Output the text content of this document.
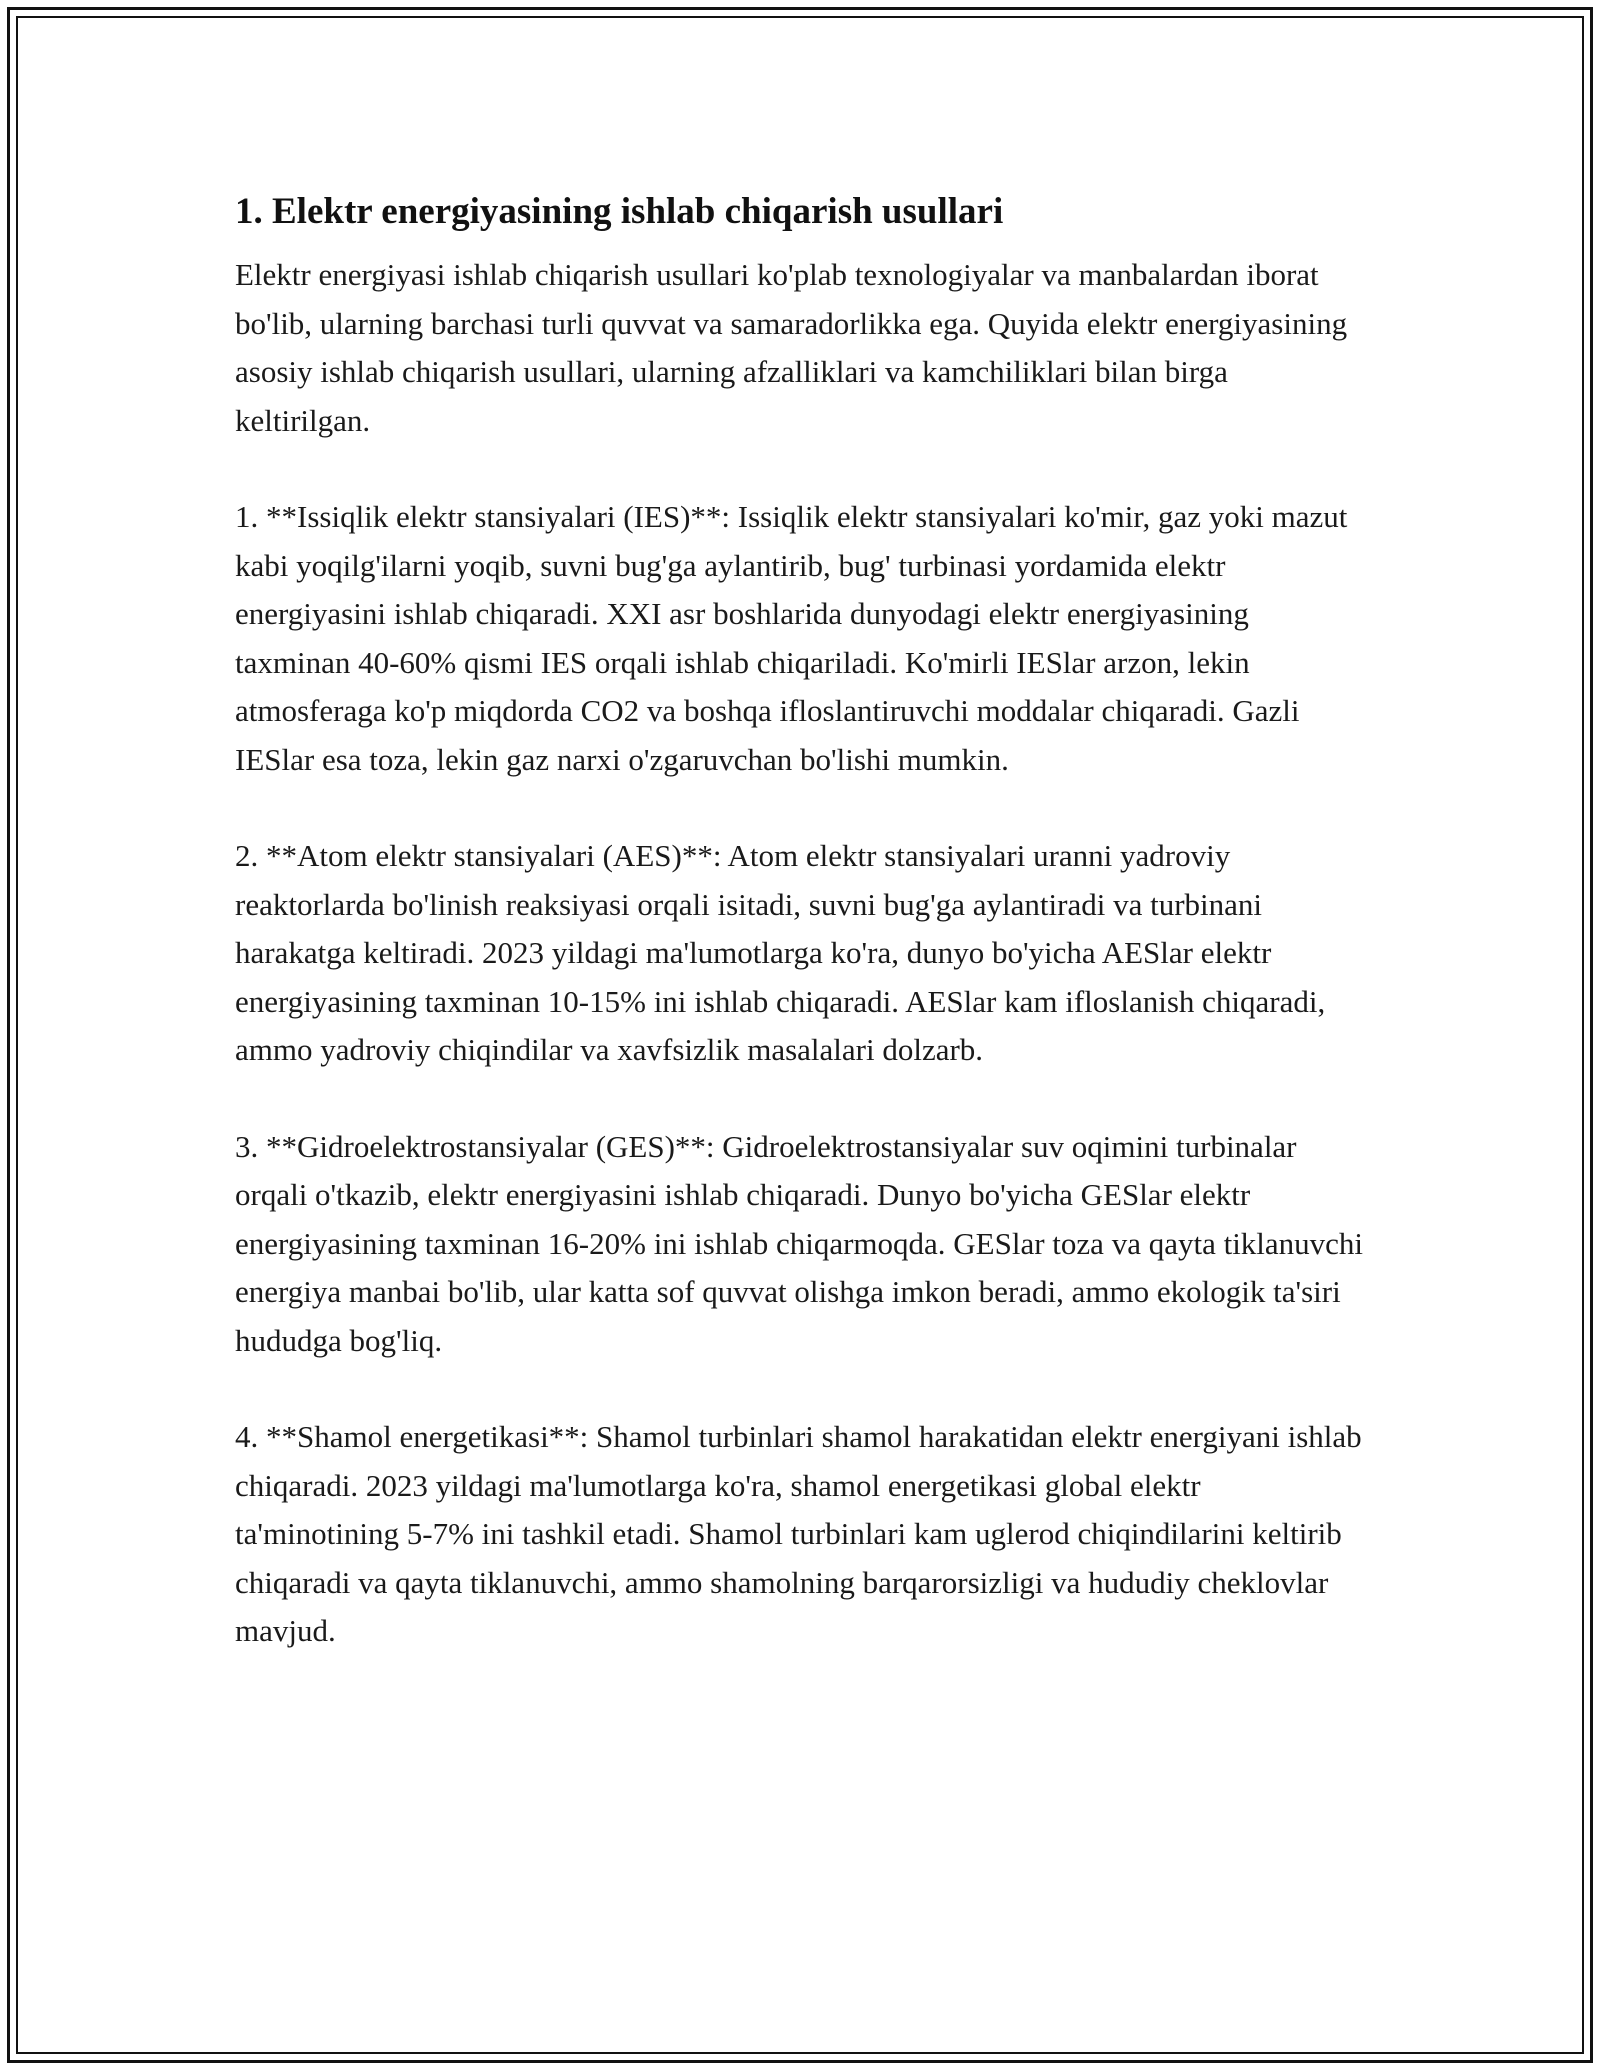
1. Elektr energiyasining ishlab chiqarish usullari

Elektr energiyasi ishlab chiqarish usullari ko'plab texnologiyalar va manbalardan iborat bo'lib, ularning barchasi turli quvvat va samaradorlikka ega. Quyida elektr energiyasining asosiy ishlab chiqarish usullari, ularning afzalliklari va kamchiliklari bilan birga keltirilgan.

1. **Issiqlik elektr stansiyalari (IES)**: Issiqlik elektr stansiyalari ko'mir, gaz yoki mazut kabi yoqilg'ilarni yoqib, suvni bug'ga aylantirib, bug' turbinasi yordamida elektr energiyasini ishlab chiqaradi. XXI asr boshlarida dunyodagi elektr energiyasining taxminan 40-60% qismi IES orqali ishlab chiqariladi. Ko'mirli IESlar arzon, lekin atmosferaga ko'p miqdorda CO2 va boshqa ifloslantiruvchi moddalar chiqaradi. Gazli IESlar esa toza, lekin gaz narxi o'zgaruvchan bo'lishi mumkin.

2. **Atom elektr stansiyalari (AES)**: Atom elektr stansiyalari uranni yadroviy reaktorlarda bo'linish reaksiyasi orqali isitadi, suvni bug'ga aylantiradi va turbinani harakatga keltiradi. 2023 yildagi ma'lumotlarga ko'ra, dunyo bo'yicha AESlar elektr energiyasining taxminan 10-15% ini ishlab chiqaradi. AESlar kam ifloslanish chiqaradi, ammo yadroviy chiqindilar va xavfsizlik masalalari dolzarb.

3. **Gidroelektrostansiyalar (GES)**: Gidroelektrostansiyalar suv oqimini turbinalar orqali o'tkazib, elektr energiyasini ishlab chiqaradi. Dunyo bo'yicha GESlar elektr energiyasining taxminan 16-20% ini ishlab chiqarmoqda. GESlar toza va qayta tiklanuvchi energiya manbai bo'lib, ular katta sof quvvat olishga imkon beradi, ammo ekologik ta'siri hududga bog'liq.

4. **Shamol energetikasi**: Shamol turbinlari shamol harakatidan elektr energiyani ishlab chiqaradi. 2023 yildagi ma'lumotlarga ko'ra, shamol energetikasi global elektr ta'minotining 5-7% ini tashkil etadi. Shamol turbinlari kam uglerod chiqindilarini keltirib chiqaradi va qayta tiklanuvchi, ammo shamolning barqarorsizligi va hududiy cheklovlar mavjud.
